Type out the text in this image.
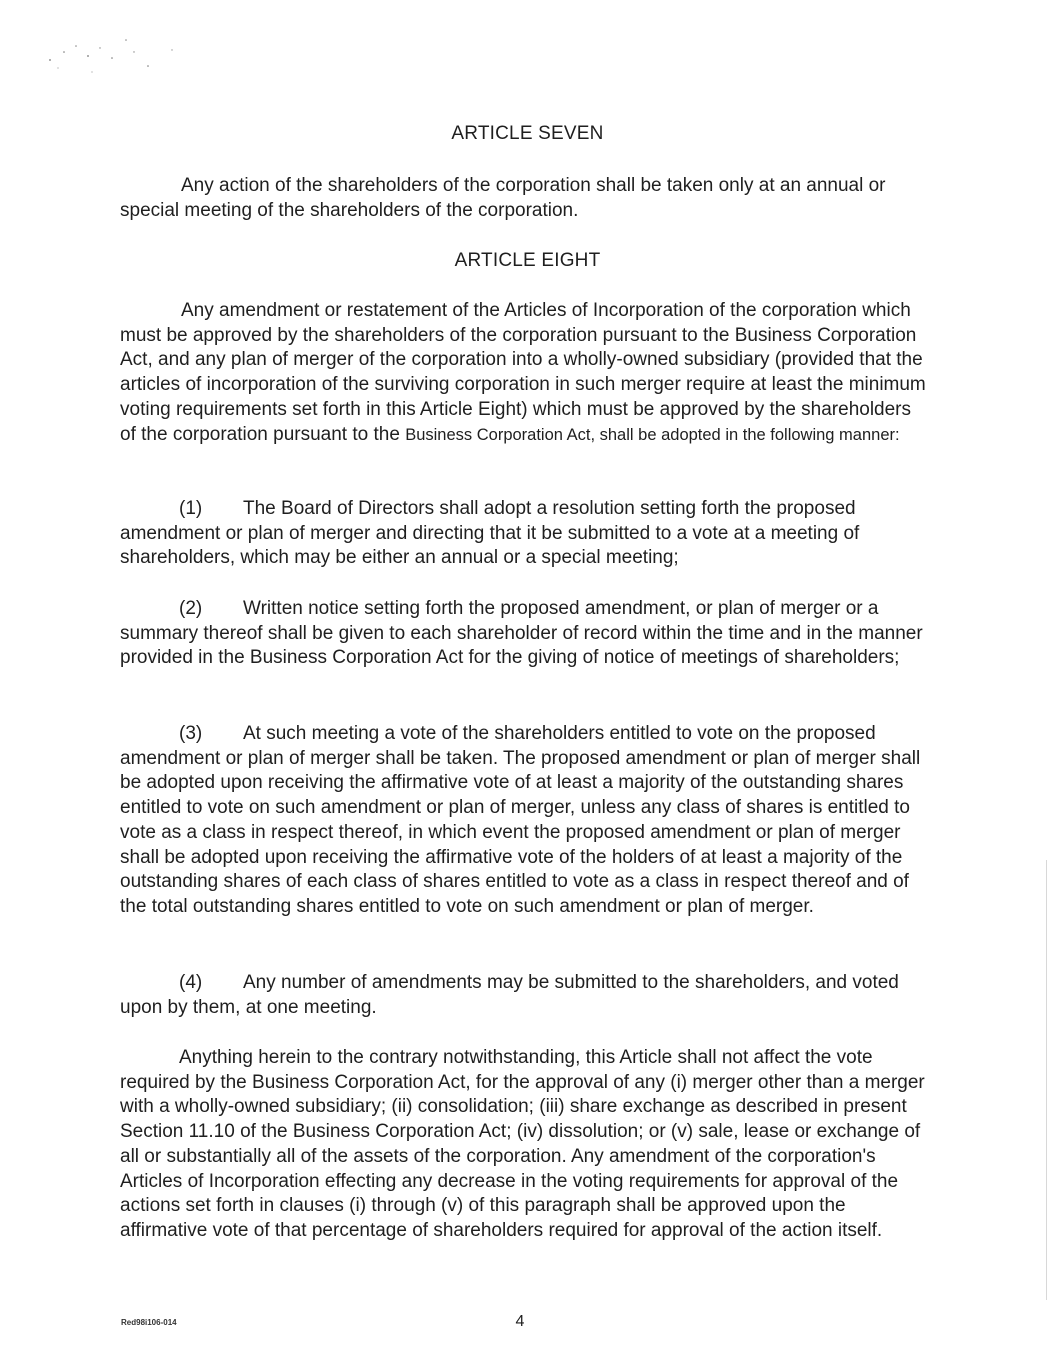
ARTICLE SEVEN

Any action of the shareholders of the corporation shall be taken only at an annual or special meeting of the shareholders of the corporation.

ARTICLE EIGHT

Any amendment or restatement of the Articles of Incorporation of the corporation which must be approved by the shareholders of the corporation pursuant to the Business Corporation Act, and any plan of merger of the corporation into a wholly-owned subsidiary (provided that the articles of incorporation of the surviving corporation in such merger require at least the minimum voting requirements set forth in this Article Eight) which must be approved by the shareholders of the corporation pursuant to the Business Corporation Act, shall be adopted in the following manner:

(1) The Board of Directors shall adopt a resolution setting forth the proposed amendment or plan of merger and directing that it be submitted to a vote at a meeting of shareholders, which may be either an annual or a special meeting;

(2) Written notice setting forth the proposed amendment, or plan of merger or a summary thereof shall be given to each shareholder of record within the time and in the manner provided in the Business Corporation Act for the giving of notice of meetings of shareholders;

(3) At such meeting a vote of the shareholders entitled to vote on the proposed amendment or plan of merger shall be taken. The proposed amendment or plan of merger shall be adopted upon receiving the affirmative vote of at least a majority of the outstanding shares entitled to vote on such amendment or plan of merger, unless any class of shares is entitled to vote as a class in respect thereof, in which event the proposed amendment or plan of merger shall be adopted upon receiving the affirmative vote of the holders of at least a majority of the outstanding shares of each class of shares entitled to vote as a class in respect thereof and of the total outstanding shares entitled to vote on such amendment or plan of merger.

(4) Any number of amendments may be submitted to the shareholders, and voted upon by them, at one meeting.

Anything herein to the contrary notwithstanding, this Article shall not affect the vote required by the Business Corporation Act, for the approval of any (i) merger other than a merger with a wholly-owned subsidiary; (ii) consolidation; (iii) share exchange as described in present Section 11.10 of the Business Corporation Act; (iv) dissolution; or (v) sale, lease or exchange of all or substantially all of the assets of the corporation. Any amendment of the corporation's Articles of Incorporation effecting any decrease in the voting requirements for approval of the actions set forth in clauses (i) through (v) of this paragraph shall be approved upon the affirmative vote of that percentage of shareholders required for approval of the action itself.

Red98i106-014	4
